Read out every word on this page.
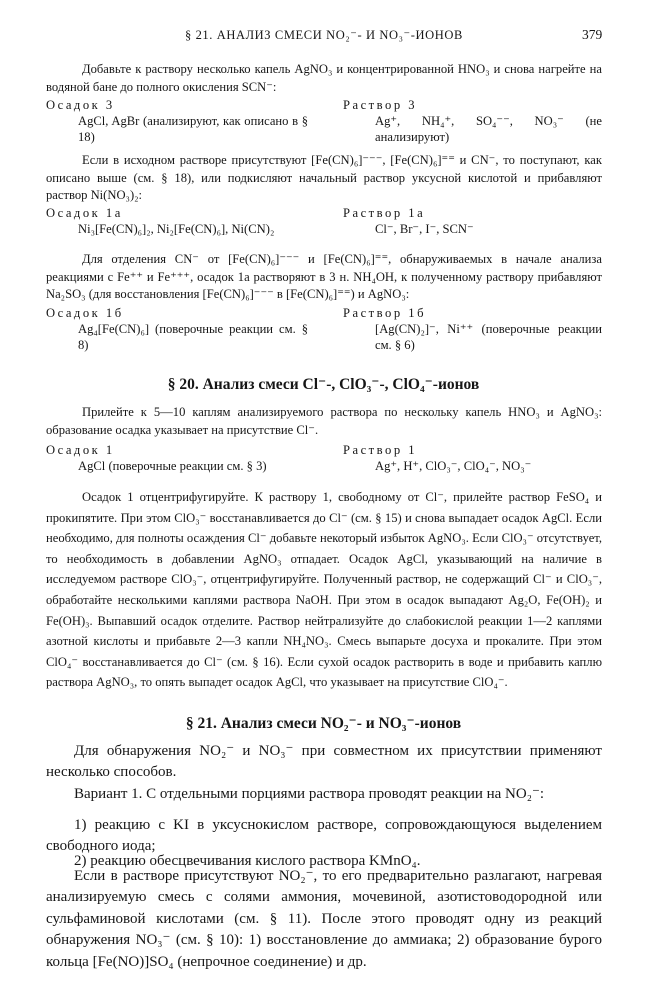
§ 21. АНАЛИЗ СМЕСИ NO₂⁻- И NO₃⁻-ИОНОВ	379

Добавьте к раствору несколько капель AgNO₃ и концентрированной HNO₃ и снова нагрейте на водяной бане до полного окисления SCN⁻:

Осадок 3
AgCl, AgBr (анализируют, как описано в § 18)
Раствор 3
Ag⁺, NH₄⁺, SO₄⁻⁻, NO₃⁻ (не анализируют)

Если в исходном растворе присутствуют [Fe(CN)₆]⁻⁻⁻, [Fe(CN)₆]⁼⁼ и CN⁻, то поступают, как описано выше (см. § 18), или подкисляют начальный раствор уксусной кислотой и прибавляют раствор Ni(NO₃)₂:

Осадок 1а
Ni₃[Fe(CN)₆]₂, Ni₂[Fe(CN)₆], Ni(CN)₂
Раствор 1а
Cl⁻, Br⁻, I⁻, SCN⁻

Для отделения CN⁻ от [Fe(CN)₆]⁻⁻⁻ и [Fe(CN)₆]⁼⁼, обнаруживаемых в начале анализа реакциями с Fe⁺⁺ и Fe⁺⁺⁺, осадок 1а растворяют в 3 н. NH₄OH, к полученному раствору прибавляют Na₂SO₃ (для восстановления [Fe(CN)₆]⁻⁻⁻ в [Fe(CN)₆]⁼⁼) и AgNO₃:

Осадок 1б
Ag₄[Fe(CN)₆] (поверочные реакции см. § 8)
Раствор 1б
[Ag(CN)₂]⁻, Ni⁺⁺ (поверочные реакции см. § 6)
§ 20. Анализ смеси Cl⁻-, ClO₃⁻-, ClO₄⁻-ионов

Прилейте к 5—10 каплям анализируемого раствора по нескольку капель HNO₃ и AgNO₃: образование осадка указывает на присутствие Cl⁻.

Осадок 1
AgCl (поверочные реакции см. § 3)
Раствор 1
Ag⁺, H⁺, ClO₃⁻, ClO₄⁻, NO₃⁻

Осадок 1 отцентрифугируйте. К раствору 1, свободному от Cl⁻, прилейте раствор FeSO₄ и прокипятите. При этом ClO₃⁻ восстанавливается до Cl⁻ (см. § 15) и снова выпадает осадок AgCl. Если необходимо, для полноты осаждения Cl⁻ добавьте некоторый избыток AgNO₃. Если ClO₃⁻ отсутствует, то необходимость в добавлении AgNO₃ отпадает. Осадок AgCl, указывающий на наличие в исследуемом растворе ClO₃⁻, отцентрифугируйте. Полученный раствор, не содержащий Cl⁻ и ClO₃⁻, обработайте несколькими каплями раствора NaOH. При этом в осадок выпадают Ag₂O, Fe(OH)₂ и Fe(OH)₃. Выпавший осадок отделите. Раствор нейтрализуйте до слабокислой реакции 1—2 каплями азотной кислоты и прибавьте 2—3 капли NH₄NO₃. Смесь выпарьте досуха и прокалите. При этом ClO₄⁻ восстанавливается до Cl⁻ (см. § 16). Если сухой осадок растворить в воде и прибавить каплю раствора AgNO₃, то опять выпадет осадок AgCl, что указывает на присутствие ClO₄⁻.

§ 21. Анализ смеси NO₂⁻- и NO₃⁻-ионов

Для обнаружения NO₂⁻ и NO₃⁻ при совместном их присутствии применяют несколько способов.

Вариант 1. С отдельными порциями раствора проводят реакции на NO₂⁻:

1) реакцию с KI в уксуснокислом растворе, сопровождающуюся выделением свободного иода;

2) реакцию обесцвечивания кислого раствора KMnO₄.

Если в растворе присутствуют NO₂⁻, то его предварительно разлагают, нагревая анализируемую смесь с солями аммония, мочевиной, азотистоводородной или сульфаминовой кислотами (см. § 11). После этого проводят одну из реакций обнаружения NO₃⁻ (см. § 10): 1) восстановление до аммиака; 2) образование бурого кольца [Fe(NO)]SO₄ (непрочное соединение) и др.
